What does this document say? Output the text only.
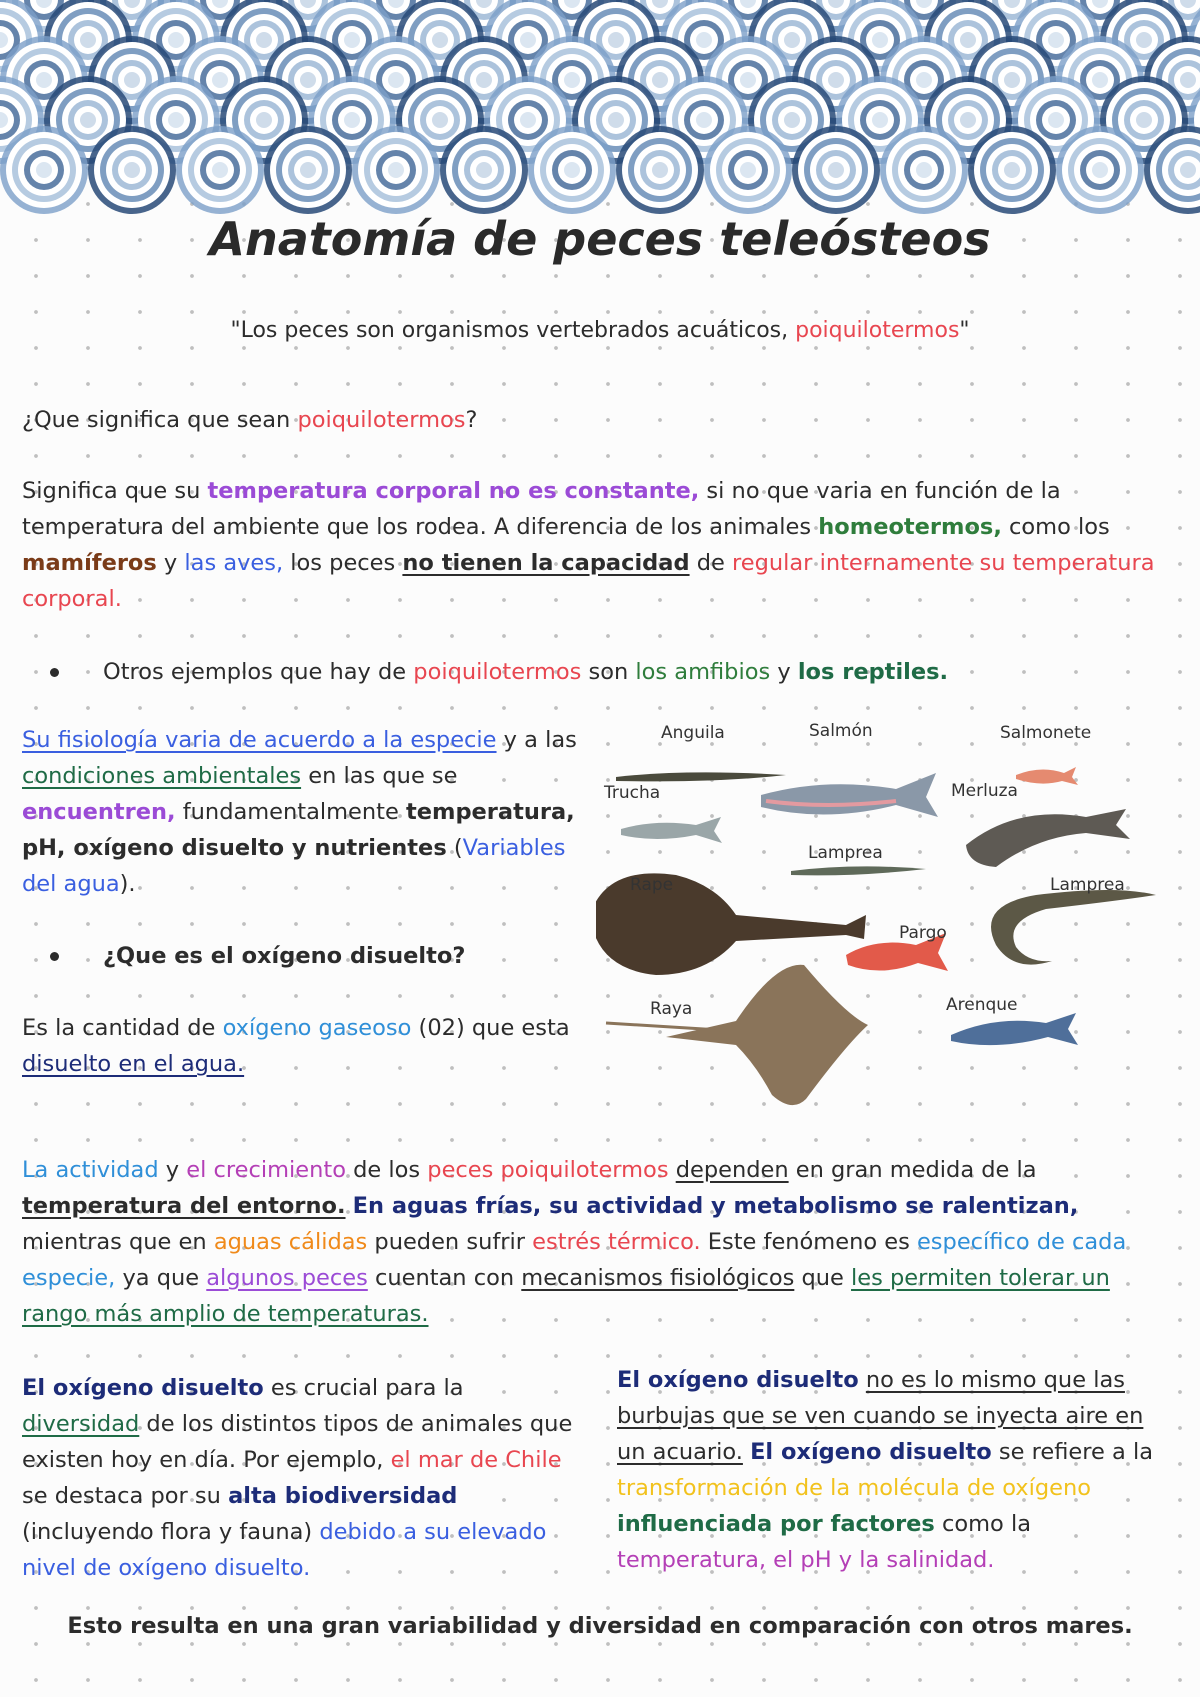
Anatomía de peces teleósteos
"Los peces son organismos vertebrados acuáticos, poiquilotermos"

¿Que significa que sean poiquilotermos?

Significa que su temperatura corporal no es constante, si no que varia en función de la temperatura del ambiente que los rodea. A diferencia de los animales homeotermos, como los mamíferos y las aves, los peces no tienen la capacidad de regular internamente su temperatura corporal.

Otros ejemplos que hay de poiquilotermos son los amfibios y los reptiles.

Su fisiología varia de acuerdo a la especie y a las condiciones ambientales en las que se encuentren, fundamentalmente temperatura, pH, oxígeno disuelto y nutrientes (Variables del agua).

¿Que es el oxígeno disuelto?

Es la cantidad de oxígeno gaseoso (02) que esta disuelto en el agua.

Anguila	Salmón	Salmonete
Trucha	Merluza
Lamprea
Rape	Lamprea
Pargo
Raya	Arenque

La actividad y el crecimiento de los peces poiquilotermos dependen en gran medida de la temperatura del entorno. En aguas frías, su actividad y metabolismo se ralentizan, mientras que en aguas cálidas pueden sufrir estrés térmico. Este fenómeno es específico de cada especie, ya que algunos peces cuentan con mecanismos fisiológicos que les permiten tolerar un rango más amplio de temperaturas.

El oxígeno disuelto es crucial para la diversidad de los distintos tipos de animales que existen hoy en día. Por ejemplo, el mar de Chile se destaca por su alta biodiversidad (incluyendo flora y fauna) debido a su elevado nivel de oxígeno disuelto.

El oxígeno disuelto no es lo mismo que las burbujas que se ven cuando se inyecta aire en un acuario. El oxígeno disuelto se refiere a la transformación de la molécula de oxígeno influenciada por factores como la temperatura, el pH y la salinidad.

Esto resulta en una gran variabilidad y diversidad en comparación con otros mares.
